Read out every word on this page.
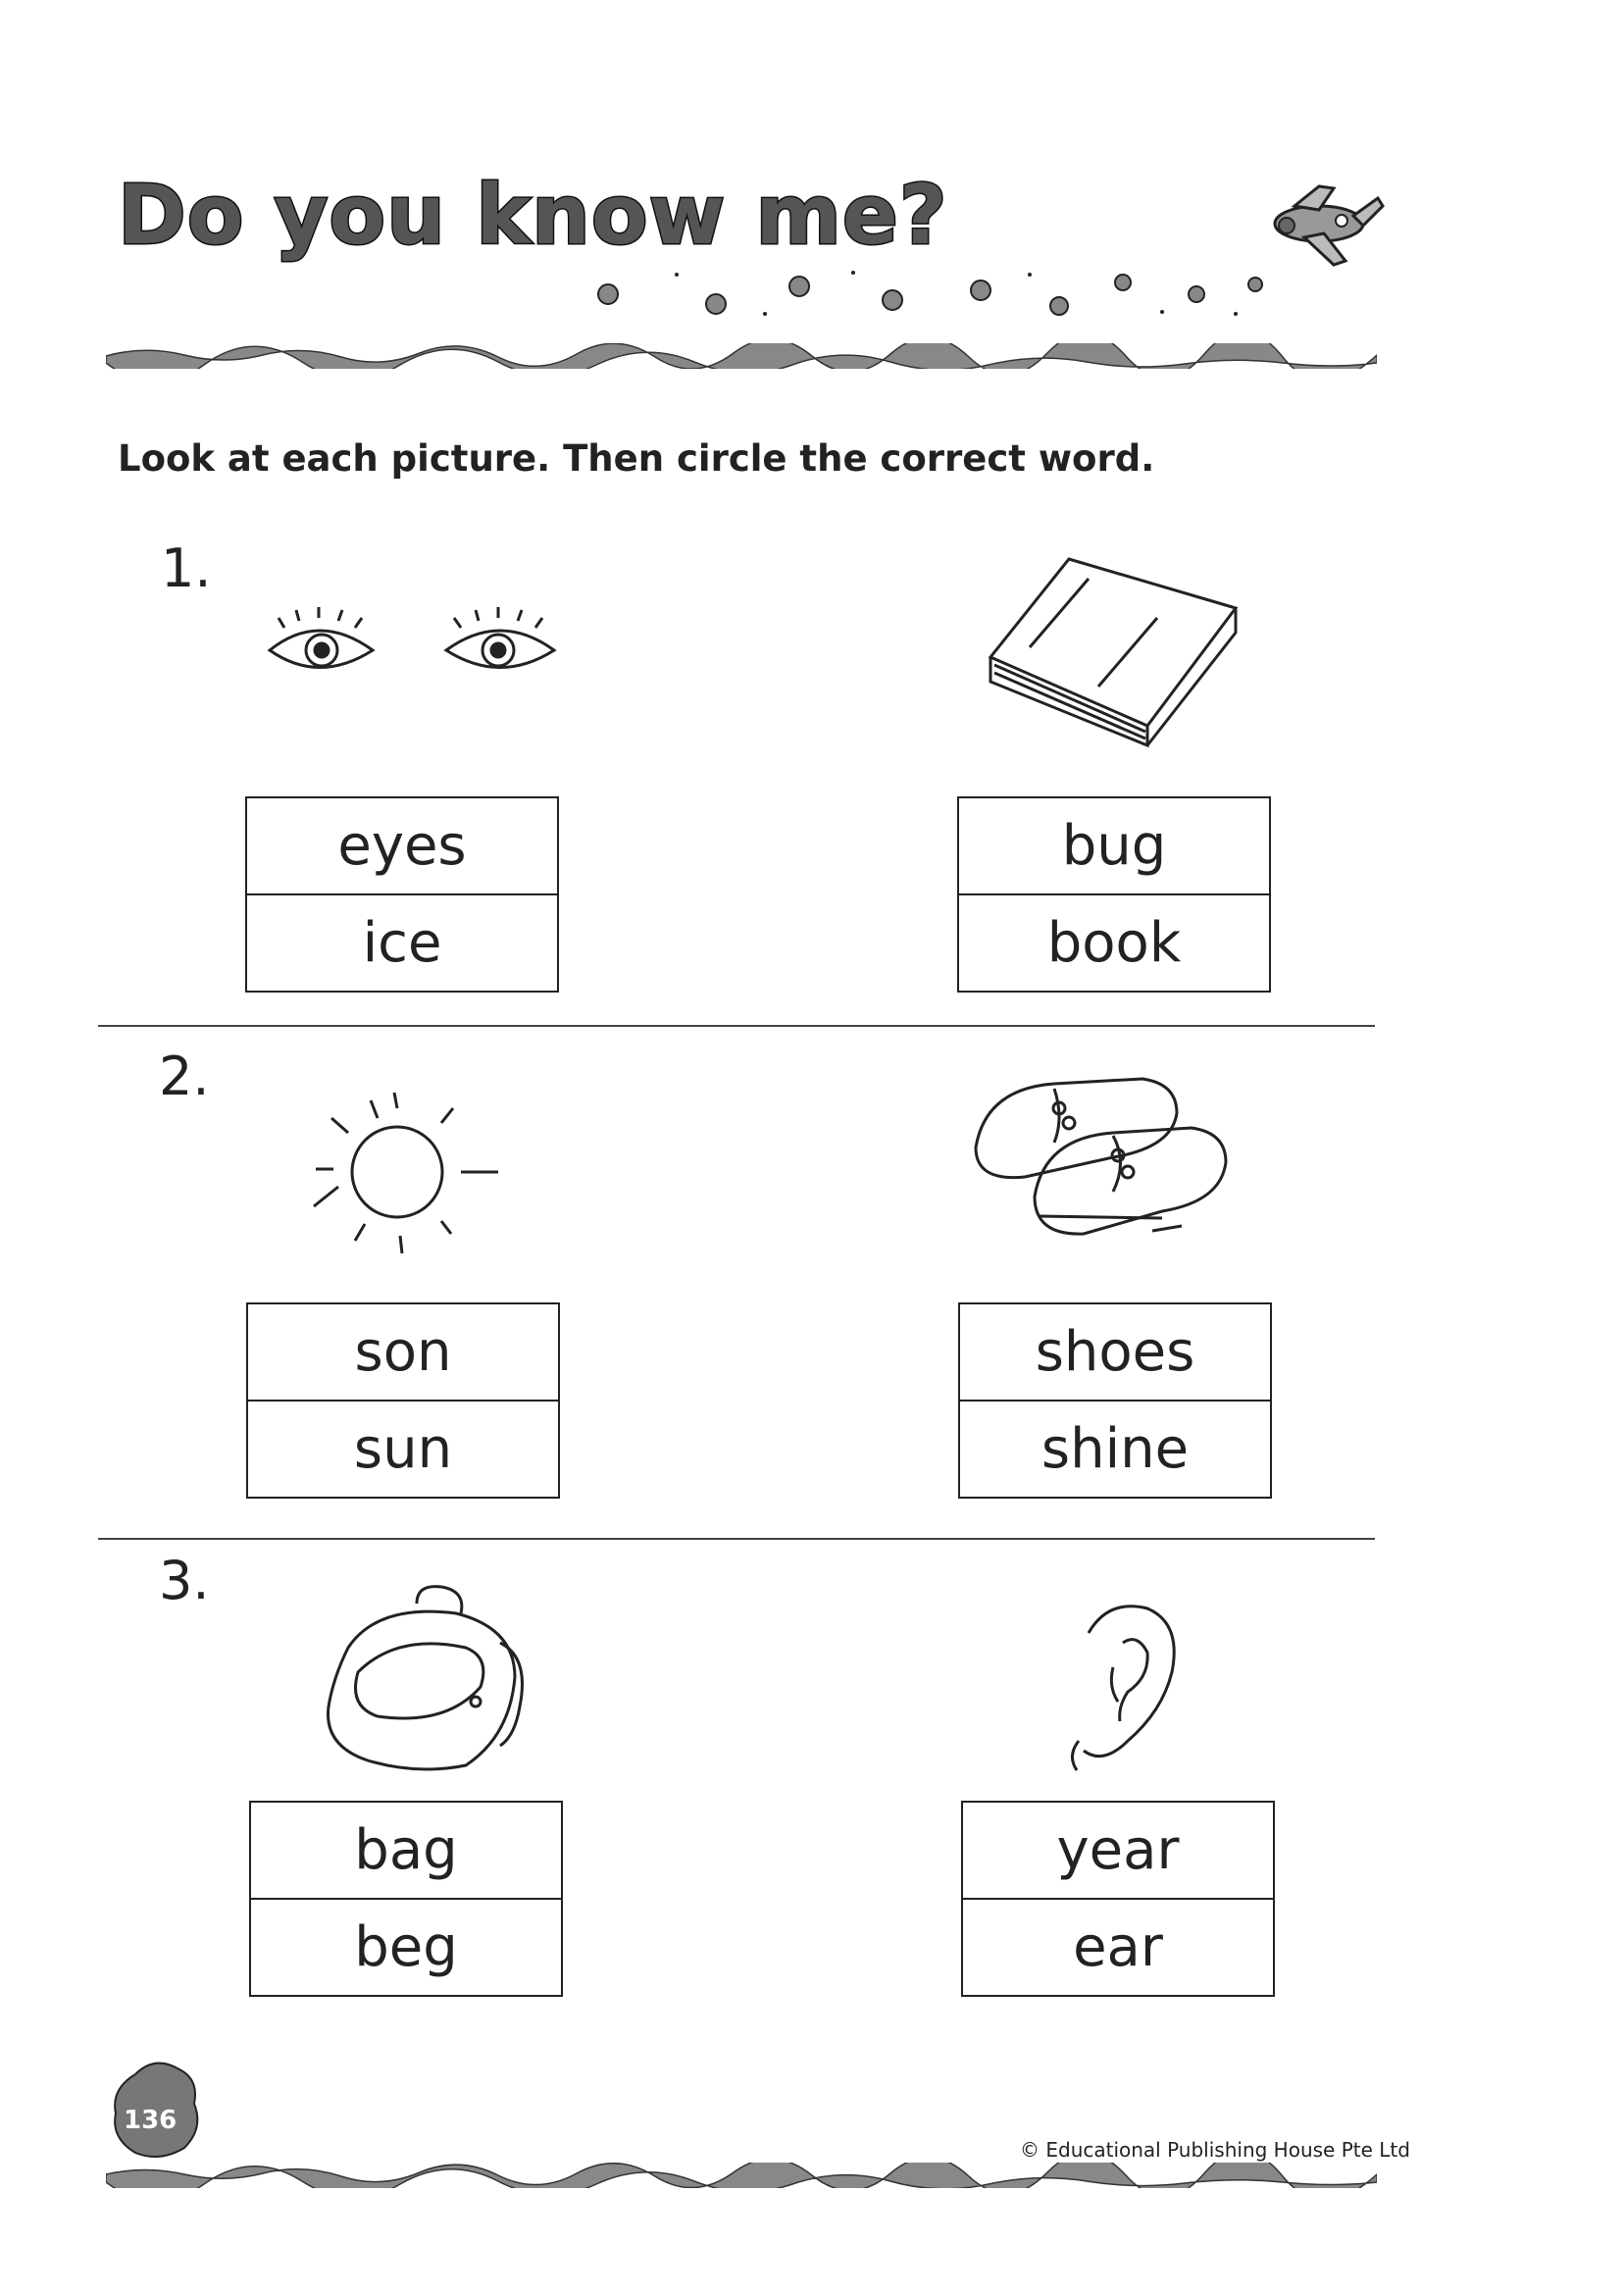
Do you know me?
Look at each picture. Then circle the correct word.
1.
eyes
ice
bug
book
2.
son
sun
shoes
shine
3.
bag
beg
year
ear
136
© Educational Publishing House Pte Ltd
